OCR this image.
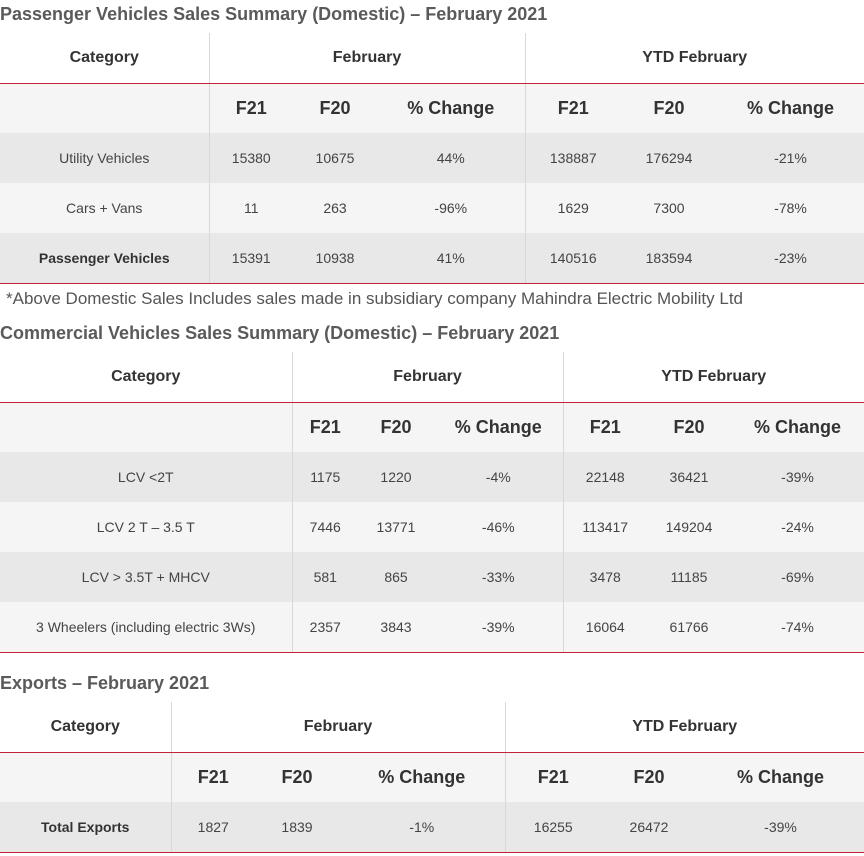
Passenger Vehicles Sales Summary (Domestic) – February 2021
Category	February			YTD February		
	F21	F20	% Change	F21	F20	% Change
Utility Vehicles	15380	10675	44%	138887	176294	-21%
Cars + Vans	11	263	-96%	1629	7300	-78%
Passenger Vehicles	15391	10938	41%	140516	183594	-23%
*Above Domestic Sales Includes sales made in subsidiary company Mahindra Electric Mobility Ltd
Commercial Vehicles Sales Summary (Domestic) – February 2021
Category	February			YTD February		
	F21	F20	% Change	F21	F20	% Change
LCV <2T	1175	1220	-4%	22148	36421	-39%
LCV 2 T – 3.5 T	7446	13771	-46%	113417	149204	-24%
LCV > 3.5T + MHCV	581	865	-33%	3478	11185	-69%
3 Wheelers (including electric 3Ws)	2357	3843	-39%	16064	61766	-74%
Exports – February 2021
Category	February			YTD February		
	F21	F20	% Change	F21	F20	% Change
Total Exports	1827	1839	-1%	16255	26472	-39%
